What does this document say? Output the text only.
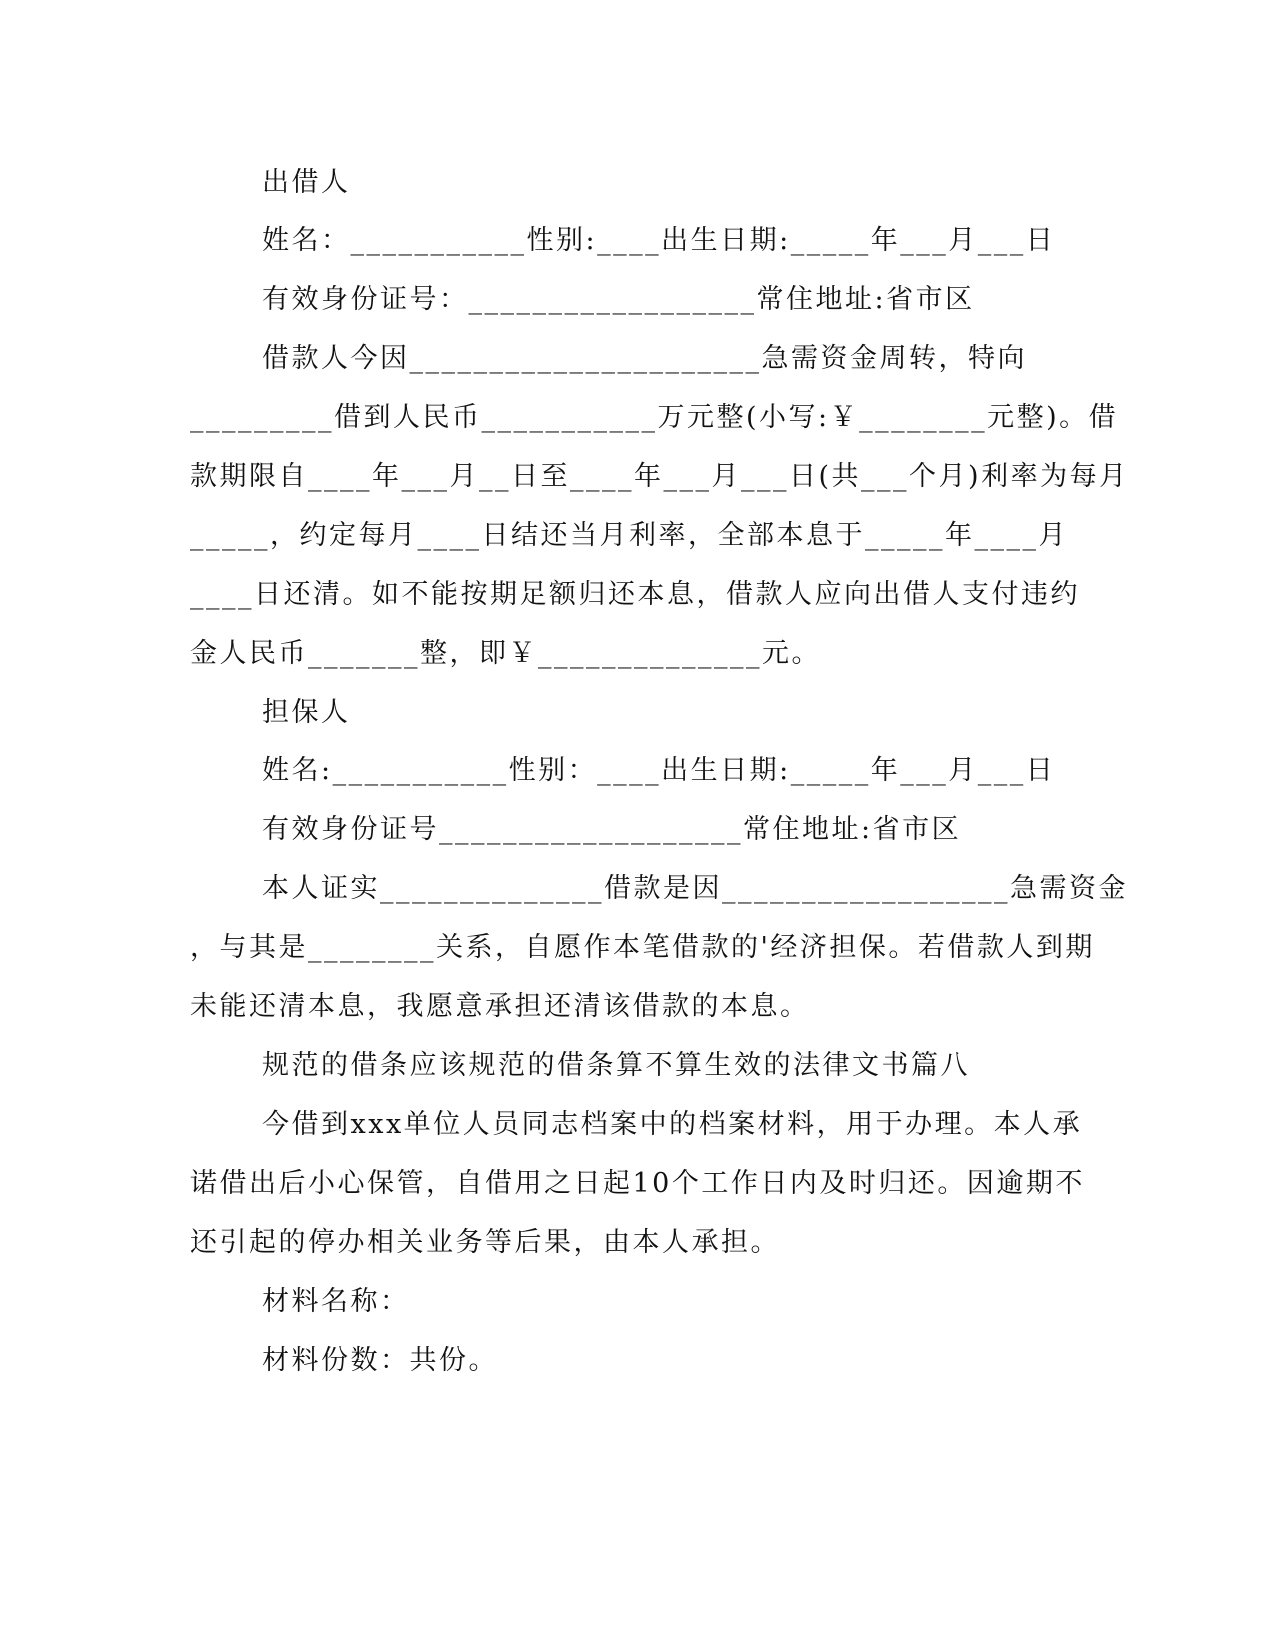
出借人
姓名：___________性别:____出生日期:_____年___月___日
有效身份证号：__________________常住地址:省市区
借款人今因______________________急需资金周转，特向
_________借到人民币___________万元整(小写:￥________元整)。借
款期限自____年___月__日至____年___月___日(共___个月)利率为每月
_____，约定每月____日结还当月利率，全部本息于_____年____月
____日还清。如不能按期足额归还本息，借款人应向出借人支付违约
金人民币_______整，即￥______________元。
担保人
姓名:___________性别：____出生日期:_____年___月___日
有效身份证号___________________常住地址:省市区
本人证实______________借款是因__________________急需资金
，与其是________关系，自愿作本笔借款的'经济担保。若借款人到期
未能还清本息，我愿意承担还清该借款的本息。
规范的借条应该规范的借条算不算生效的法律文书篇八
今借到xxx单位人员同志档案中的档案材料，用于办理。本人承
诺借出后小心保管，自借用之日起10个工作日内及时归还。因逾期不
还引起的停办相关业务等后果，由本人承担。
材料名称：
材料份数：共份。
